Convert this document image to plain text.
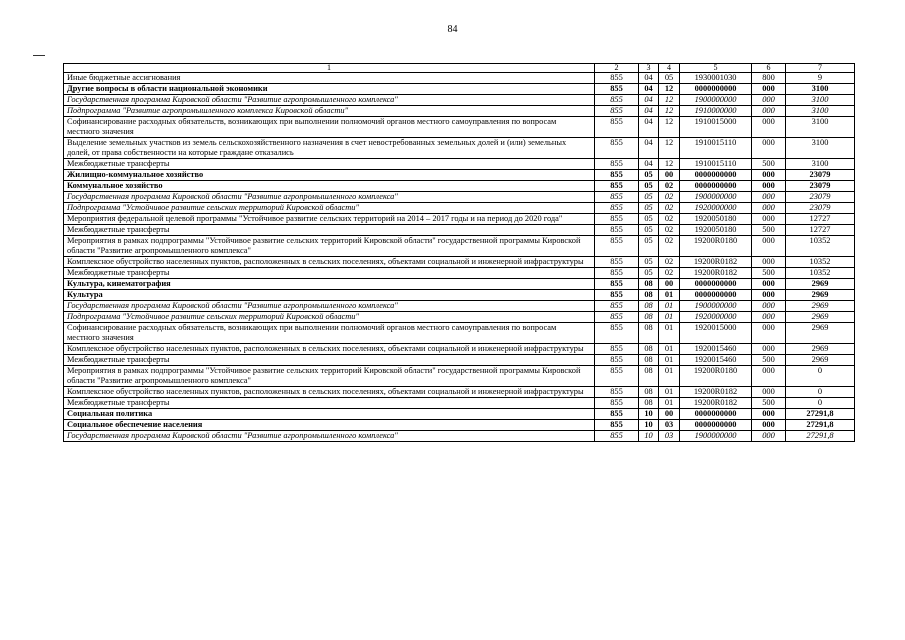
84
1	2	3	4	5	6	7
Иные бюджетные ассигнования	855	04	05	1930001030	800	9
Другие вопросы в области национальной экономики	855	04	12	0000000000	000	3100
Государственная программа Кировской области "Развитие агропромышленного комплекса"	855	04	12	1900000000	000	3100
Подпрограмма "Развитие агропромышленного комплекса Кировской области"	855	04	12	1910000000	000	3100
Софинансирование расходных обязательств, возникающих при выполнении полномочий органов местного самоуправления по вопросам местного значения	855	04	12	1910015000	000	3100
Выделение земельных участков из земель сельскохозяйственного назначения в счет невостребованных земельных долей и (или) земельных долей, от права собственности на которые граждане отказались	855	04	12	1910015110	000	3100
Межбюджетные трансферты	855	04	12	1910015110	500	3100
Жилищно-коммунальное хозяйство	855	05	00	0000000000	000	23079
Коммунальное хозяйство	855	05	02	0000000000	000	23079
Государственная программа Кировской области "Развитие агропромышленного комплекса"	855	05	02	1900000000	000	23079
Подпрограмма "Устойчивое развитие сельских территорий Кировской области"	855	05	02	1920000000	000	23079
Мероприятия федеральной целевой программы "Устойчивое развитие сельских территорий на 2014 – 2017 годы и на период до 2020 года"	855	05	02	1920050180	000	12727
Межбюджетные трансферты	855	05	02	1920050180	500	12727
Мероприятия в рамках подпрограммы "Устойчивое развитие сельских территорий Кировской области" государственной программы Кировской области "Развитие агропромышленного комплекса"	855	05	02	19200R0180	000	10352
Комплексное обустройство населенных пунктов, расположенных в сельских поселениях, объектами социальной и инженерной инфраструктуры	855	05	02	19200R0182	000	10352
Межбюджетные трансферты	855	05	02	19200R0182	500	10352
Культура, кинематография	855	08	00	0000000000	000	2969
Культура	855	08	01	0000000000	000	2969
Государственная программа Кировской области "Развитие агропромышленного комплекса"	855	08	01	1900000000	000	2969
Подпрограмма "Устойчивое развитие сельских территорий Кировской области"	855	08	01	1920000000	000	2969
Софинансирование расходных обязательств, возникающих при выполнении полномочий органов местного самоуправления по вопросам местного значения	855	08	01	1920015000	000	2969
Комплексное обустройство населенных пунктов, расположенных в сельских поселениях, объектами социальной и инженерной инфраструктуры	855	08	01	1920015460	000	2969
Межбюджетные трансферты	855	08	01	1920015460	500	2969
Мероприятия в рамках подпрограммы "Устойчивое развитие сельских территорий Кировской области" государственной программы Кировской области "Развитие агропромышленного комплекса"	855	08	01	19200R0180	000	0
Комплексное обустройство населенных пунктов, расположенных в сельских поселениях, объектами социальной и инженерной инфраструктуры	855	08	01	19200R0182	000	0
Межбюджетные трансферты	855	08	01	19200R0182	500	0
Социальная политика	855	10	00	0000000000	000	27291,8
Социальное обеспечение населения	855	10	03	0000000000	000	27291,8
Государственная программа Кировской области "Развитие агропромышленного комплекса"	855	10	03	1900000000	000	27291,8
